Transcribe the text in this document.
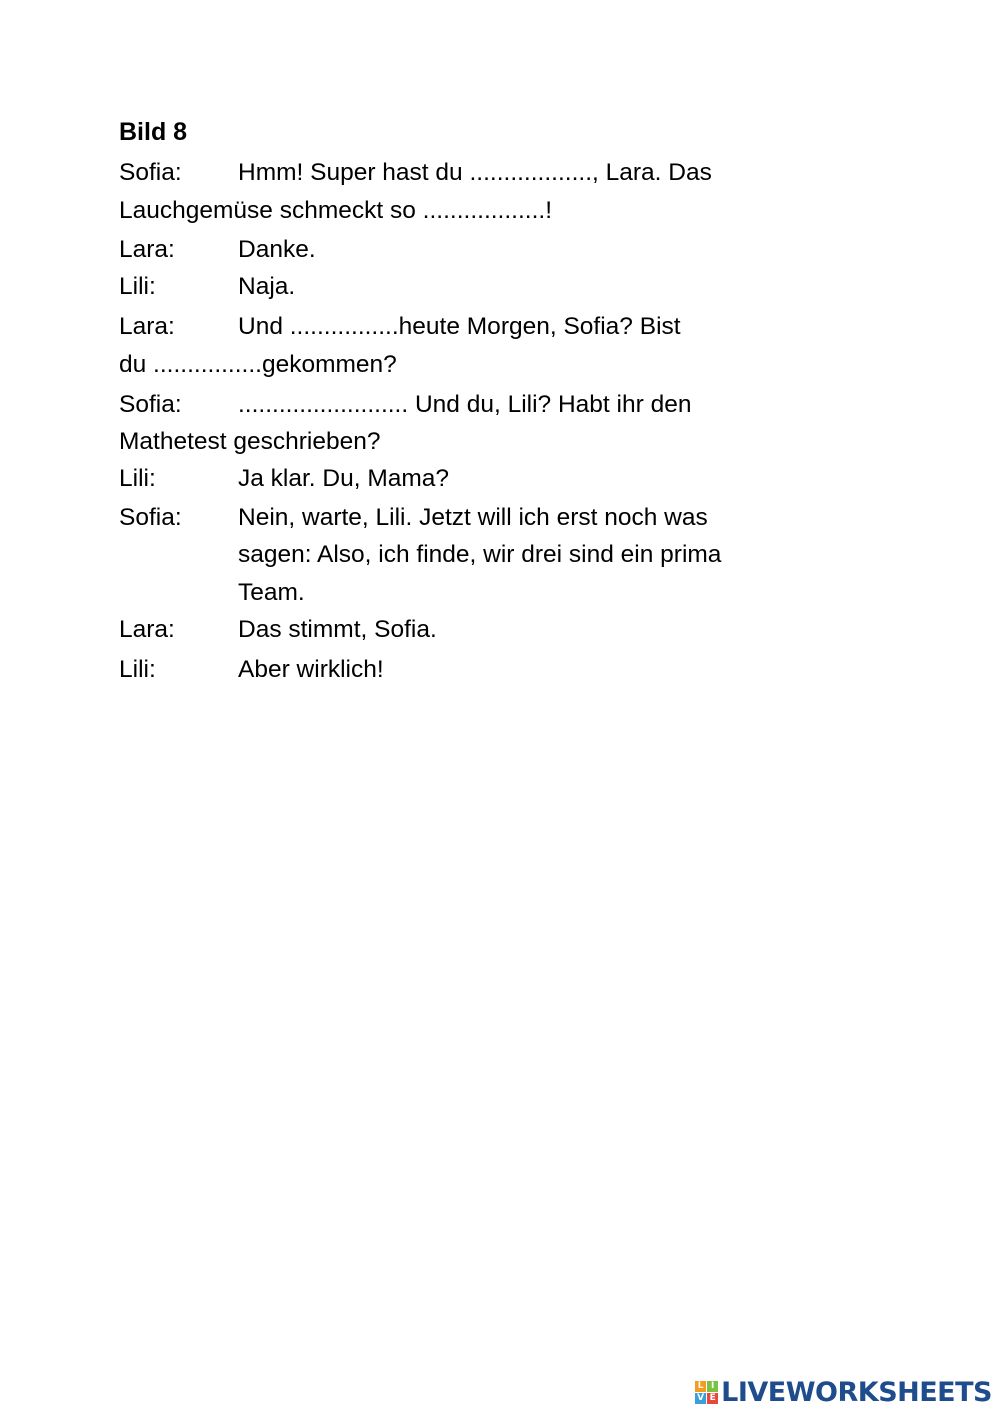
Bild 8
Sofia: Hmm! Super hast du .................., Lara. Das
Lauchgemüse schmeckt so ..................!
Lara:	Danke.
Lili:	Naja.
Lara:	Und ................heute Morgen, Sofia? Bist
du ................gekommen?
Sofia: ......................... Und du, Lili? Habt ihr den
Mathetest geschrieben?
Lili:	Ja klar. Du, Mama?
Sofia: Nein, warte, Lili. Jetzt will ich erst noch was
sagen: Also, ich finde, wir drei sind ein prima
Team.
Lara:	Das stimmt, Sofia.
Lili:	Aber wirklich!
L I
V E LIVEWORKSHEETS
